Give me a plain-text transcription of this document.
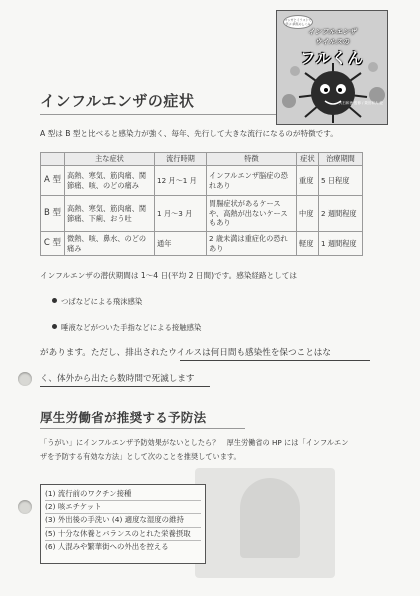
マンガとイラストで学ぶ 病気のしくみ
インフルエンザ
ウイルスの
フルくん
大石和徳 監修 / 栗田和大 絵
インフルエンザの症状
A 型は B 型と比べると感染力が強く、毎年、先行して大きな流行になるのが特徴です。
	主な症状	流行時期	特徴	症状	治療期間
A 型	高熱、寒気、筋肉痛、関節痛、咳、のどの痛み	12 月～1 月	インフルエンザ脳症の恐れあり	重度	5 日程度
B 型	高熱、寒気、筋肉痛、関節痛、下痢、おう吐	1 月～3 月	胃腸症状があるケースや、高熱が出ないケースもあり	中度	2 週間程度
C 型	微熱、咳、鼻水、のどの痛み	通年	2 歳未満は重症化の恐れあり	軽度	1 週間程度
インフルエンザの潜伏期間は 1～4 日(平均 2 日間)です。感染経路としては
つばなどによる飛沫感染
唾液などがついた手指などによる接触感染
があります。ただし、排出されたウイルスは何日間も感染性を保つことはな
く、体外から出たら数時間で死滅します
厚生労働省が推奨する予防法
「うがい」にインフルエンザ予防効果がないとしたら？　厚生労働省の HP には「インフルエン
ザを予防する有効な方法」として次のことを推奨しています。
(1) 流行前のワクチン接種
(2) 咳エチケット
(3) 外出後の手洗い (4) 適度な湿度の維持
(5) 十分な休養とバランスのとれた栄養摂取
(6) 人混みや繁華街への外出を控える
